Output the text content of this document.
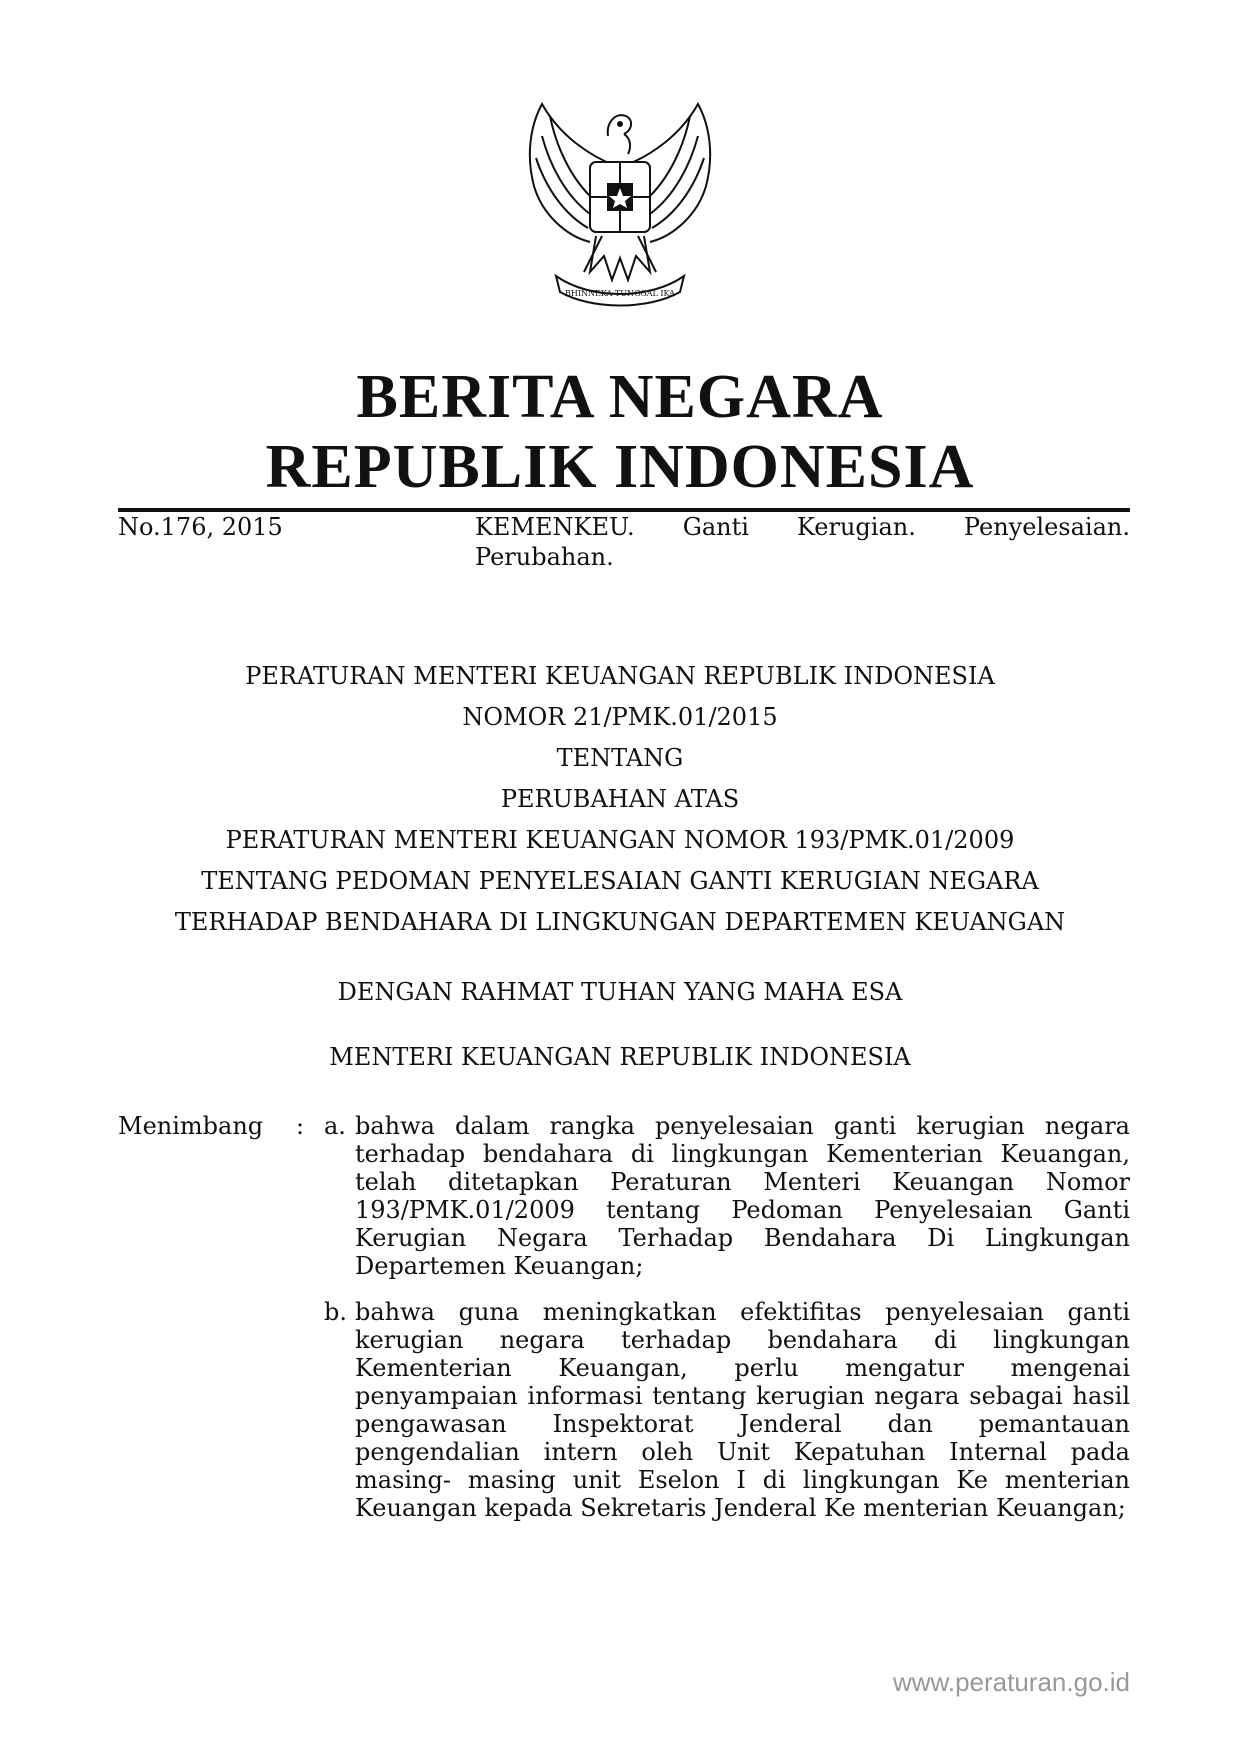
BHINNEKA TUNGGAL IKA
BERITA NEGARA
REPUBLIK INDONESIA
No.176, 2015	KEMENKEU. Ganti Kerugian. Penyelesaian. Perubahan.
PERATURAN MENTERI KEUANGAN REPUBLIK INDONESIA
NOMOR 21/PMK.01/2015
TENTANG
PERUBAHAN ATAS
PERATURAN MENTERI KEUANGAN NOMOR 193/PMK.01/2009
TENTANG PEDOMAN PENYELESAIAN GANTI KERUGIAN NEGARA
TERHADAP BENDAHARA DI LINGKUNGAN DEPARTEMEN KEUANGAN
DENGAN RAHMAT TUHAN YANG MAHA ESA
MENTERI KEUANGAN REPUBLIK INDONESIA
Menimbang : a. bahwa dalam rangka penyelesaian ganti kerugian negara terhadap bendahara di lingkungan Kementerian Keuangan, telah ditetapkan Peraturan Menteri Keuangan Nomor 193/PMK.01/2009 tentang Pedoman Penyelesaian Ganti Kerugian Negara Terhadap Bendahara Di Lingkungan Departemen Keuangan;
b. bahwa guna meningkatkan efektifitas penyelesaian ganti kerugian negara terhadap bendahara di lingkungan Kementerian Keuangan, perlu mengatur mengenai penyampaian informasi tentang kerugian negara sebagai hasil pengawasan Inspektorat Jenderal dan pemantauan pengendalian intern oleh Unit Kepatuhan Internal pada masing- masing unit Eselon I di lingkungan Ke menterian Keuangan kepada Sekretaris Jenderal Ke menterian Keuangan;
www.peraturan.go.id
